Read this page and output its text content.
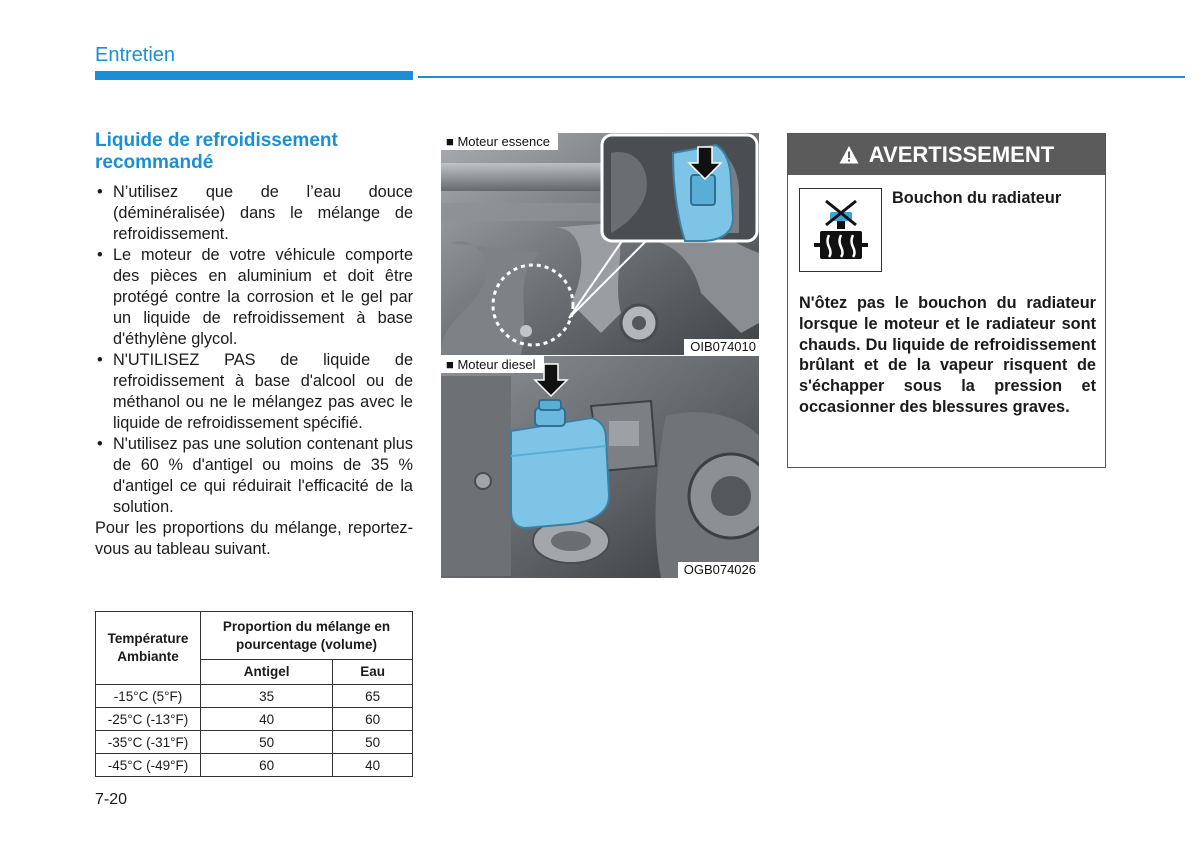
Entretien
Liquide de refroidissement recommandé
• N’utilisez que de l’eau douce (déminéralisée) dans le mélange de refroidissement.
• Le moteur de votre véhicule comporte des pièces en aluminium et doit être protégé contre la corrosion et le gel par un liquide de refroidissement à base d'éthylène glycol.
• N'UTILISEZ PAS de liquide de refroidissement à base d'alcool ou de méthanol ou ne le mélangez pas avec le liquide de refroidissement spécifié.
• N'utilisez pas une solution contenant plus de 60 % d'antigel ou moins de 35 % d'antigel ce qui réduirait l'efficacité de la solution.

Pour les proportions du mélange, reportez-vous au tableau suivant.

Température Ambiante	Proportion du mélange en pourcentage (volume)	
	Antigel	Eau
-15°C (5°F)	35	65
-25°C (-13°F)	40	60
-35°C (-31°F)	50	50
-45°C (-49°F)	60	40
■ Moteur essence
OIB074010
■ Moteur diesel
OGB074026
AVERTISSEMENT
Bouchon du radiateur
N'ôtez pas le bouchon du radiateur lorsque le moteur et le radiateur sont chauds. Du liquide de refroidissement brûlant et de la vapeur risquent de s'échapper sous la pression et occasionner des blessures graves.
7-20
